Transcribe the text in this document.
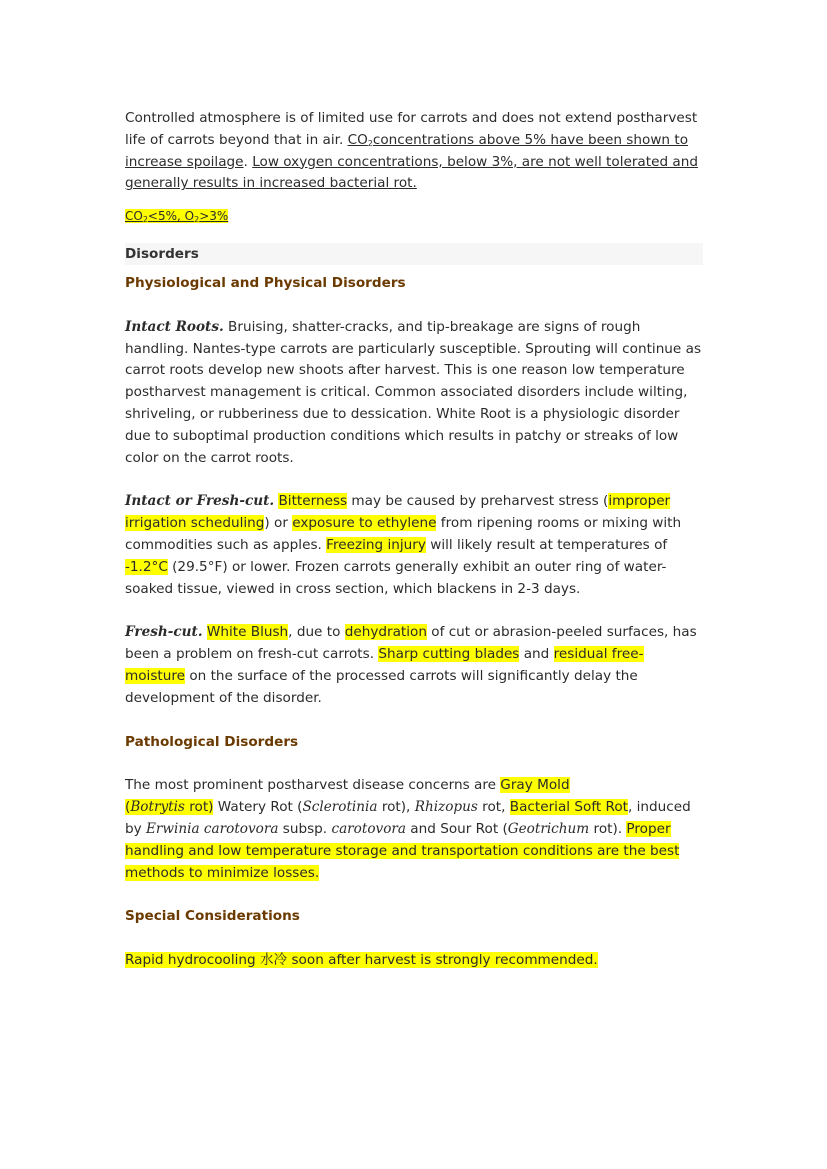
Controlled atmosphere is of limited use for carrots and does not extend postharvest life of carrots beyond that in air. $CO_2concentrations$ above 5% have been shown to increase spoilage. Low oxygen concentrations, below 3%, are not well tolerated and generally results in increased bacterial rot.

$CO_2<5\%$, $O_2>3\%$

Disorders

Physiological and Physical Disorders

Intact Roots. Bruising, shatter-cracks, and tip-breakage are signs of rough handling. Nantes-type carrots are particularly susceptible. Sprouting will continue as carrot roots develop new shoots after harvest. This is one reason low temperature postharvest management is critical. Common associated disorders include wilting, shriveling, or rubberiness due to dessication. White Root is a physiologic disorder due to suboptimal production conditions which results in patchy or streaks of low color on the carrot roots.

Intact or Fresh-cut. Bitterness may be caused by preharvest stress (improper irrigation scheduling) or exposure to ethylene from ripening rooms or mixing with commodities such as apples. Freezing injury will likely result at temperatures of -1.2°C (29.5°F) or lower. Frozen carrots generally exhibit an outer ring of water-soaked tissue, viewed in cross section, which blackens in 2-3 days.

Fresh-cut. White Blush, due to dehydration of cut or abrasion-peeled surfaces, has been a problem on fresh-cut carrots. Sharp cutting blades and residual free-moisture on the surface of the processed carrots will significantly delay the development of the disorder.

Pathological Disorders

The most prominent postharvest disease concerns are Gray Mold
(Botrytis rot) Watery Rot (Sclerotinia rot), Rhizopus rot, Bacterial Soft Rot, induced by Erwinia carotovora subsp. carotovora and Sour Rot (Geotrichum rot). Proper handling and low temperature storage and transportation conditions are the best methods to minimize losses.

Special Considerations

Rapid hydrocooling 水冷 soon after harvest is strongly recommended.
